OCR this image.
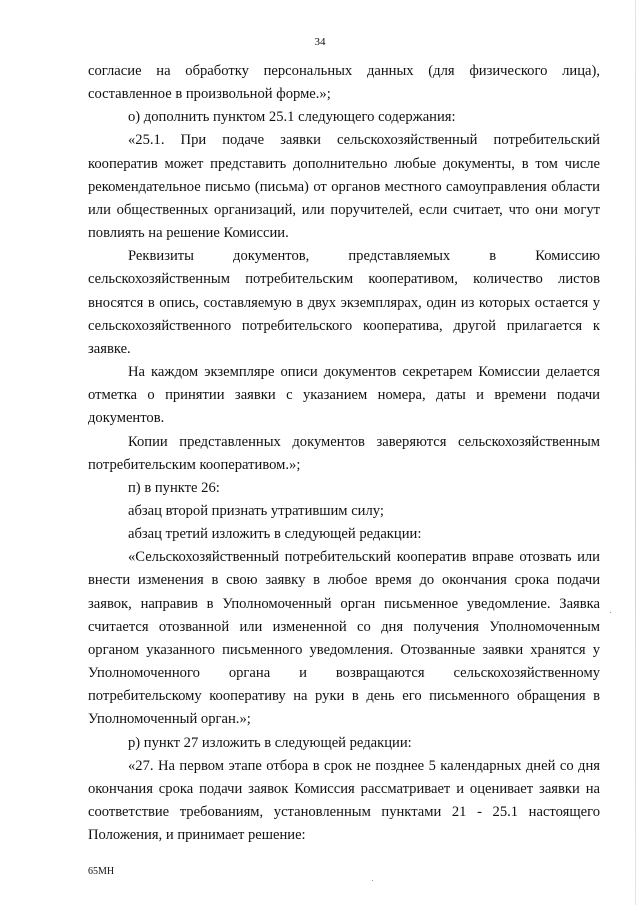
34

согласие на обработку персональных данных (для физического лица), составленное в произвольной форме.»;

о) дополнить пунктом 25.1 следующего содержания:

«25.1. При подаче заявки сельскохозяйственный потребительский кооператив может представить дополнительно любые документы, в том числе рекомендательное письмо (письма) от органов местного самоуправления области или общественных организаций, или поручителей, если считает, что они могут повлиять на решение Комиссии.

Реквизиты документов, представляемых в Комиссию сельскохозяйственным потребительским кооперативом, количество листов вносятся в опись, составляемую в двух экземплярах, один из которых остается у сельскохозяйственного потребительского кооператива, другой прилагается к заявке.

На каждом экземпляре описи документов секретарем Комиссии делается отметка о принятии заявки с указанием номера, даты и времени подачи документов.

Копии представленных документов заверяются сельскохозяйственным потребительским кооперативом.»;

п) в пункте 26:

абзац второй признать утратившим силу;

абзац третий изложить в следующей редакции:

«Сельскохозяйственный потребительский кооператив вправе отозвать или внести изменения в свою заявку в любое время до окончания срока подачи заявок, направив в Уполномоченный орган письменное уведомление. Заявка считается отозванной или измененной со дня получения Уполномоченным органом указанного письменного уведомления. Отозванные заявки хранятся у Уполномоченного органа и возвращаются сельскохозяйственному потребительскому кооперативу на руки в день его письменного обращения в Уполномоченный орган.»;

р) пункт 27 изложить в следующей редакции:

«27. На первом этапе отбора в срок не позднее 5 календарных дней со дня окончания срока подачи заявок Комиссия рассматривает и оценивает заявки на соответствие требованиям, установленным пунктами 21 - 25.1 настоящего Положения, и принимает решение:

65МН
